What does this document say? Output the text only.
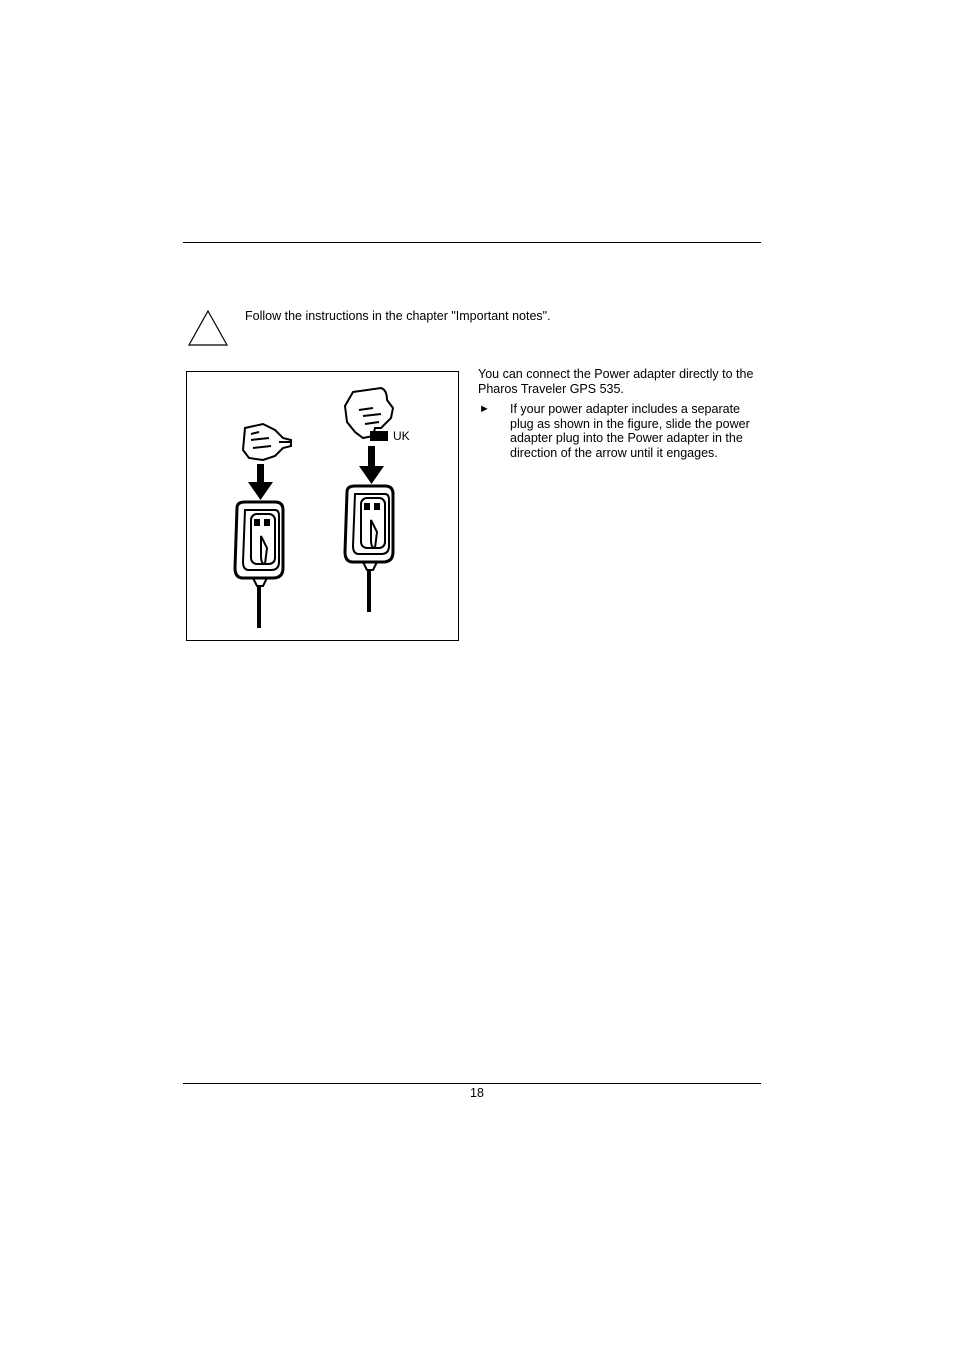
Follow the instructions in the chapter "Important notes".
UK
You can connect the Power adapter directly to the Pharos Traveler GPS 535.
► If your power adapter includes a separate plug as shown in the figure, slide the power adapter plug into the Power adapter in the direction of the arrow until it engages.
18
